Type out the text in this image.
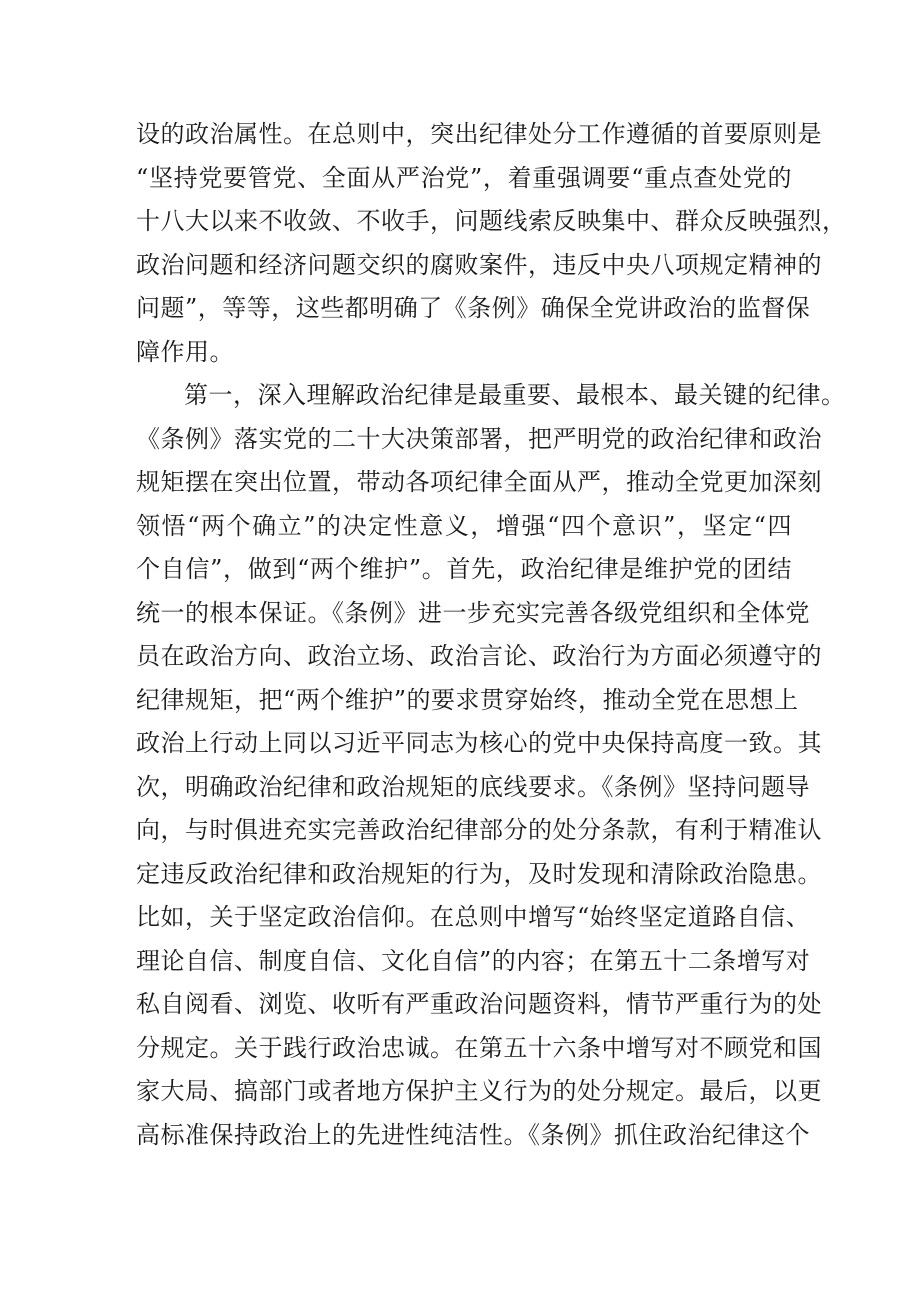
设的政治属性。在总则中，突出纪律处分工作遵循的首要原则是
“坚持党要管党、全面从严治党”，着重强调要“重点查处党的
十八大以来不收敛、不收手，问题线索反映集中、群众反映强烈，
政治问题和经济问题交织的腐败案件，违反中央八项规定精神的
问题”，等等，这些都明确了《条例》确保全党讲政治的监督保
障作用。
第一，深入理解政治纪律是最重要、最根本、最关键的纪律。
《条例》落实党的二十大决策部署，把严明党的政治纪律和政治
规矩摆在突出位置，带动各项纪律全面从严，推动全党更加深刻
领悟“两个确立”的决定性意义，增强“四个意识”，坚定“四
个自信”，做到“两个维护”。首先，政治纪律是维护党的团结
统一的根本保证。《条例》进一步充实完善各级党组织和全体党
员在政治方向、政治立场、政治言论、政治行为方面必须遵守的
纪律规矩，把“两个维护”的要求贯穿始终，推动全党在思想上
政治上行动上同以习近平同志为核心的党中央保持高度一致。其
次，明确政治纪律和政治规矩的底线要求。《条例》坚持问题导
向，与时俱进充实完善政治纪律部分的处分条款，有利于精准认
定违反政治纪律和政治规矩的行为，及时发现和清除政治隐患。
比如，关于坚定政治信仰。在总则中增写“始终坚定道路自信、
理论自信、制度自信、文化自信”的内容；在第五十二条增写对
私自阅看、浏览、收听有严重政治问题资料，情节严重行为的处
分规定。关于践行政治忠诚。在第五十六条中增写对不顾党和国
家大局、搞部门或者地方保护主义行为的处分规定。最后，以更
高标准保持政治上的先进性纯洁性。《条例》抓住政治纪律这个
